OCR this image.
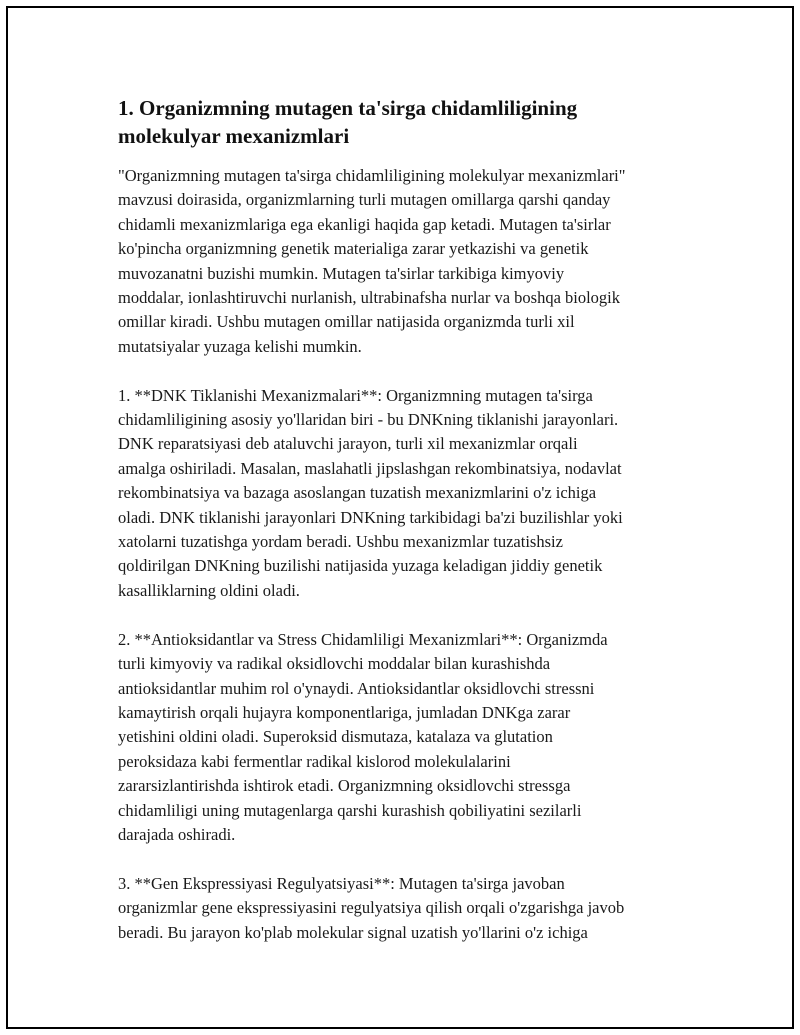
1. Organizmning mutagen ta'sirga chidamliligining
molekulyar mexanizmlari

"Organizmning mutagen ta'sirga chidamliligining molekulyar mexanizmlari"
mavzusi doirasida, organizmlarning turli mutagen omillarga qarshi qanday
chidamli mexanizmlariga ega ekanligi haqida gap ketadi. Mutagen ta'sirlar
ko'pincha organizmning genetik materialiga zarar yetkazishi va genetik
muvozanatni buzishi mumkin. Mutagen ta'sirlar tarkibiga kimyoviy
moddalar, ionlashtiruvchi nurlanish, ultrabinafsha nurlar va boshqa biologik
omillar kiradi. Ushbu mutagen omillar natijasida organizmda turli xil
mutatsiyalar yuzaga kelishi mumkin.

1. **DNK Tiklanishi Mexanizmalari**: Organizmning mutagen ta'sirga
chidamliligining asosiy yo'llaridan biri - bu DNKning tiklanishi jarayonlari.
DNK reparatsiyasi deb ataluvchi jarayon, turli xil mexanizmlar orqali
amalga oshiriladi. Masalan, maslahatli jipslashgan rekombinatsiya, nodavlat
rekombinatsiya va bazaga asoslangan tuzatish mexanizmlarini o'z ichiga
oladi. DNK tiklanishi jarayonlari DNKning tarkibidagi ba'zi buzilishlar yoki
xatolarni tuzatishga yordam beradi. Ushbu mexanizmlar tuzatishsiz
qoldirilgan DNKning buzilishi natijasida yuzaga keladigan jiddiy genetik
kasalliklarning oldini oladi.

2. **Antioksidantlar va Stress Chidamliligi Mexanizmlari**: Organizmda
turli kimyoviy va radikal oksidlovchi moddalar bilan kurashishda
antioksidantlar muhim rol o'ynaydi. Antioksidantlar oksidlovchi stressni
kamaytirish orqali hujayra komponentlariga, jumladan DNKga zarar
yetishini oldini oladi. Superoksid dismutaza, katalaza va glutation
peroksidaza kabi fermentlar radikal kislorod molekulalarini
zararsizlantirishda ishtirok etadi. Organizmning oksidlovchi stressga
chidamliligi uning mutagenlarga qarshi kurashish qobiliyatini sezilarli
darajada oshiradi.

3. **Gen Ekspressiyasi Regulyatsiyasi**: Mutagen ta'sirga javoban
organizmlar gene ekspressiyasini regulyatsiya qilish orqali o'zgarishga javob
beradi. Bu jarayon ko'plab molekular signal uzatish yo'llarini o'z ichiga
